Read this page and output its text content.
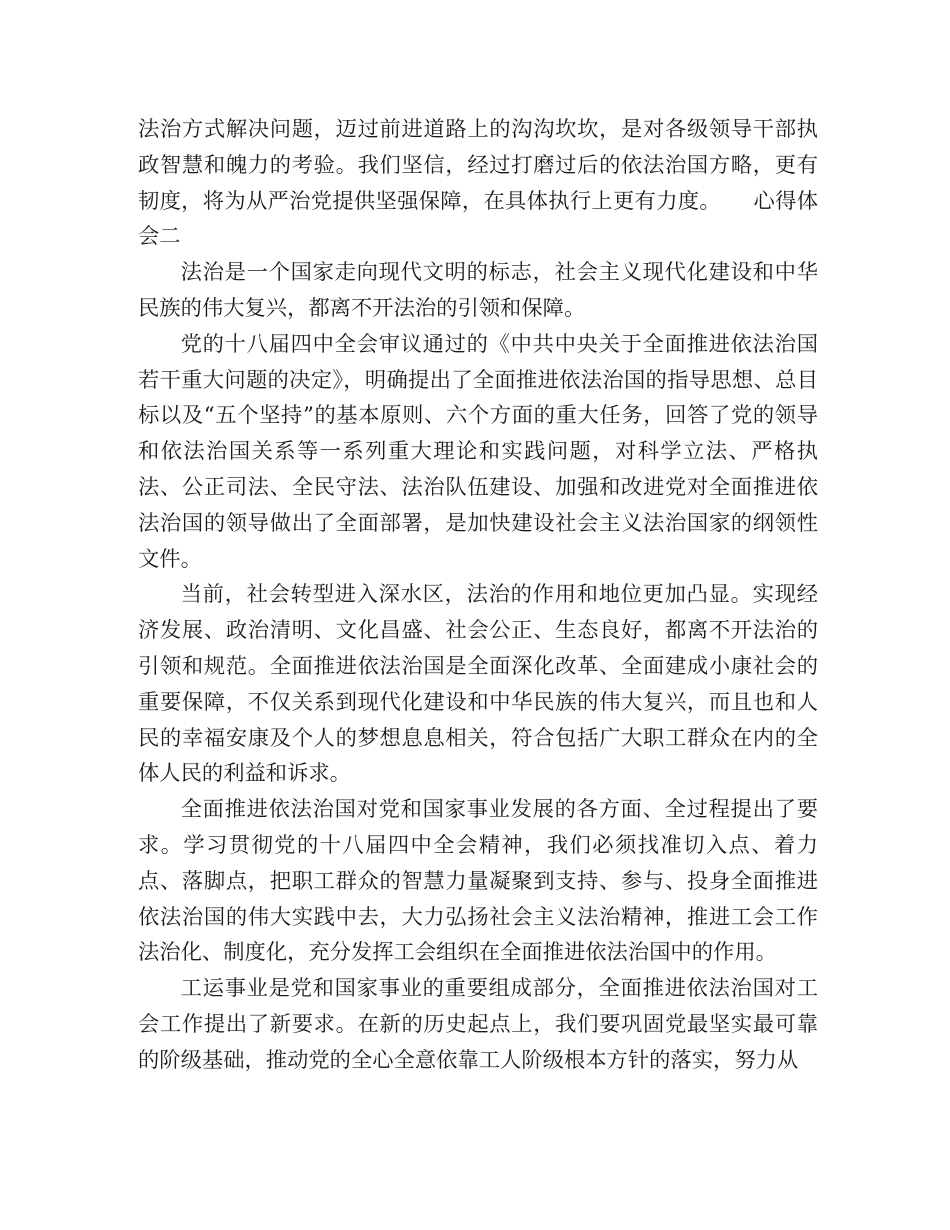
法治方式解决问题，迈过前进道路上的沟沟坎坎，是对各级领导干部执政智慧和魄力的考验。我们坚信，经过打磨过后的依法治国方略，更有韧度，将为从严治党提供坚强保障，在具体执行上更有力度。　　心得体会二

法治是一个国家走向现代文明的标志，社会主义现代化建设和中华民族的伟大复兴，都离不开法治的引领和保障。

党的十八届四中全会审议通过的《中共中央关于全面推进依法治国若干重大问题的决定》，明确提出了全面推进依法治国的指导思想、总目标以及“五个坚持”的基本原则、六个方面的重大任务，回答了党的领导和依法治国关系等一系列重大理论和实践问题，对科学立法、严格执法、公正司法、全民守法、法治队伍建设、加强和改进党对全面推进依法治国的领导做出了全面部署，是加快建设社会主义法治国家的纲领性文件。

当前，社会转型进入深水区，法治的作用和地位更加凸显。实现经济发展、政治清明、文化昌盛、社会公正、生态良好，都离不开法治的引领和规范。全面推进依法治国是全面深化改革、全面建成小康社会的重要保障，不仅关系到现代化建设和中华民族的伟大复兴，而且也和人民的幸福安康及个人的梦想息息相关，符合包括广大职工群众在内的全体人民的利益和诉求。

全面推进依法治国对党和国家事业发展的各方面、全过程提出了要求。学习贯彻党的十八届四中全会精神，我们必须找准切入点、着力点、落脚点，把职工群众的智慧力量凝聚到支持、参与、投身全面推进依法治国的伟大实践中去，大力弘扬社会主义法治精神，推进工会工作法治化、制度化，充分发挥工会组织在全面推进依法治国中的作用。

工运事业是党和国家事业的重要组成部分，全面推进依法治国对工会工作提出了新要求。在新的历史起点上，我们要巩固党最坚实最可靠的阶级基础，推动党的全心全意依靠工人阶级根本方针的落实，努力从
